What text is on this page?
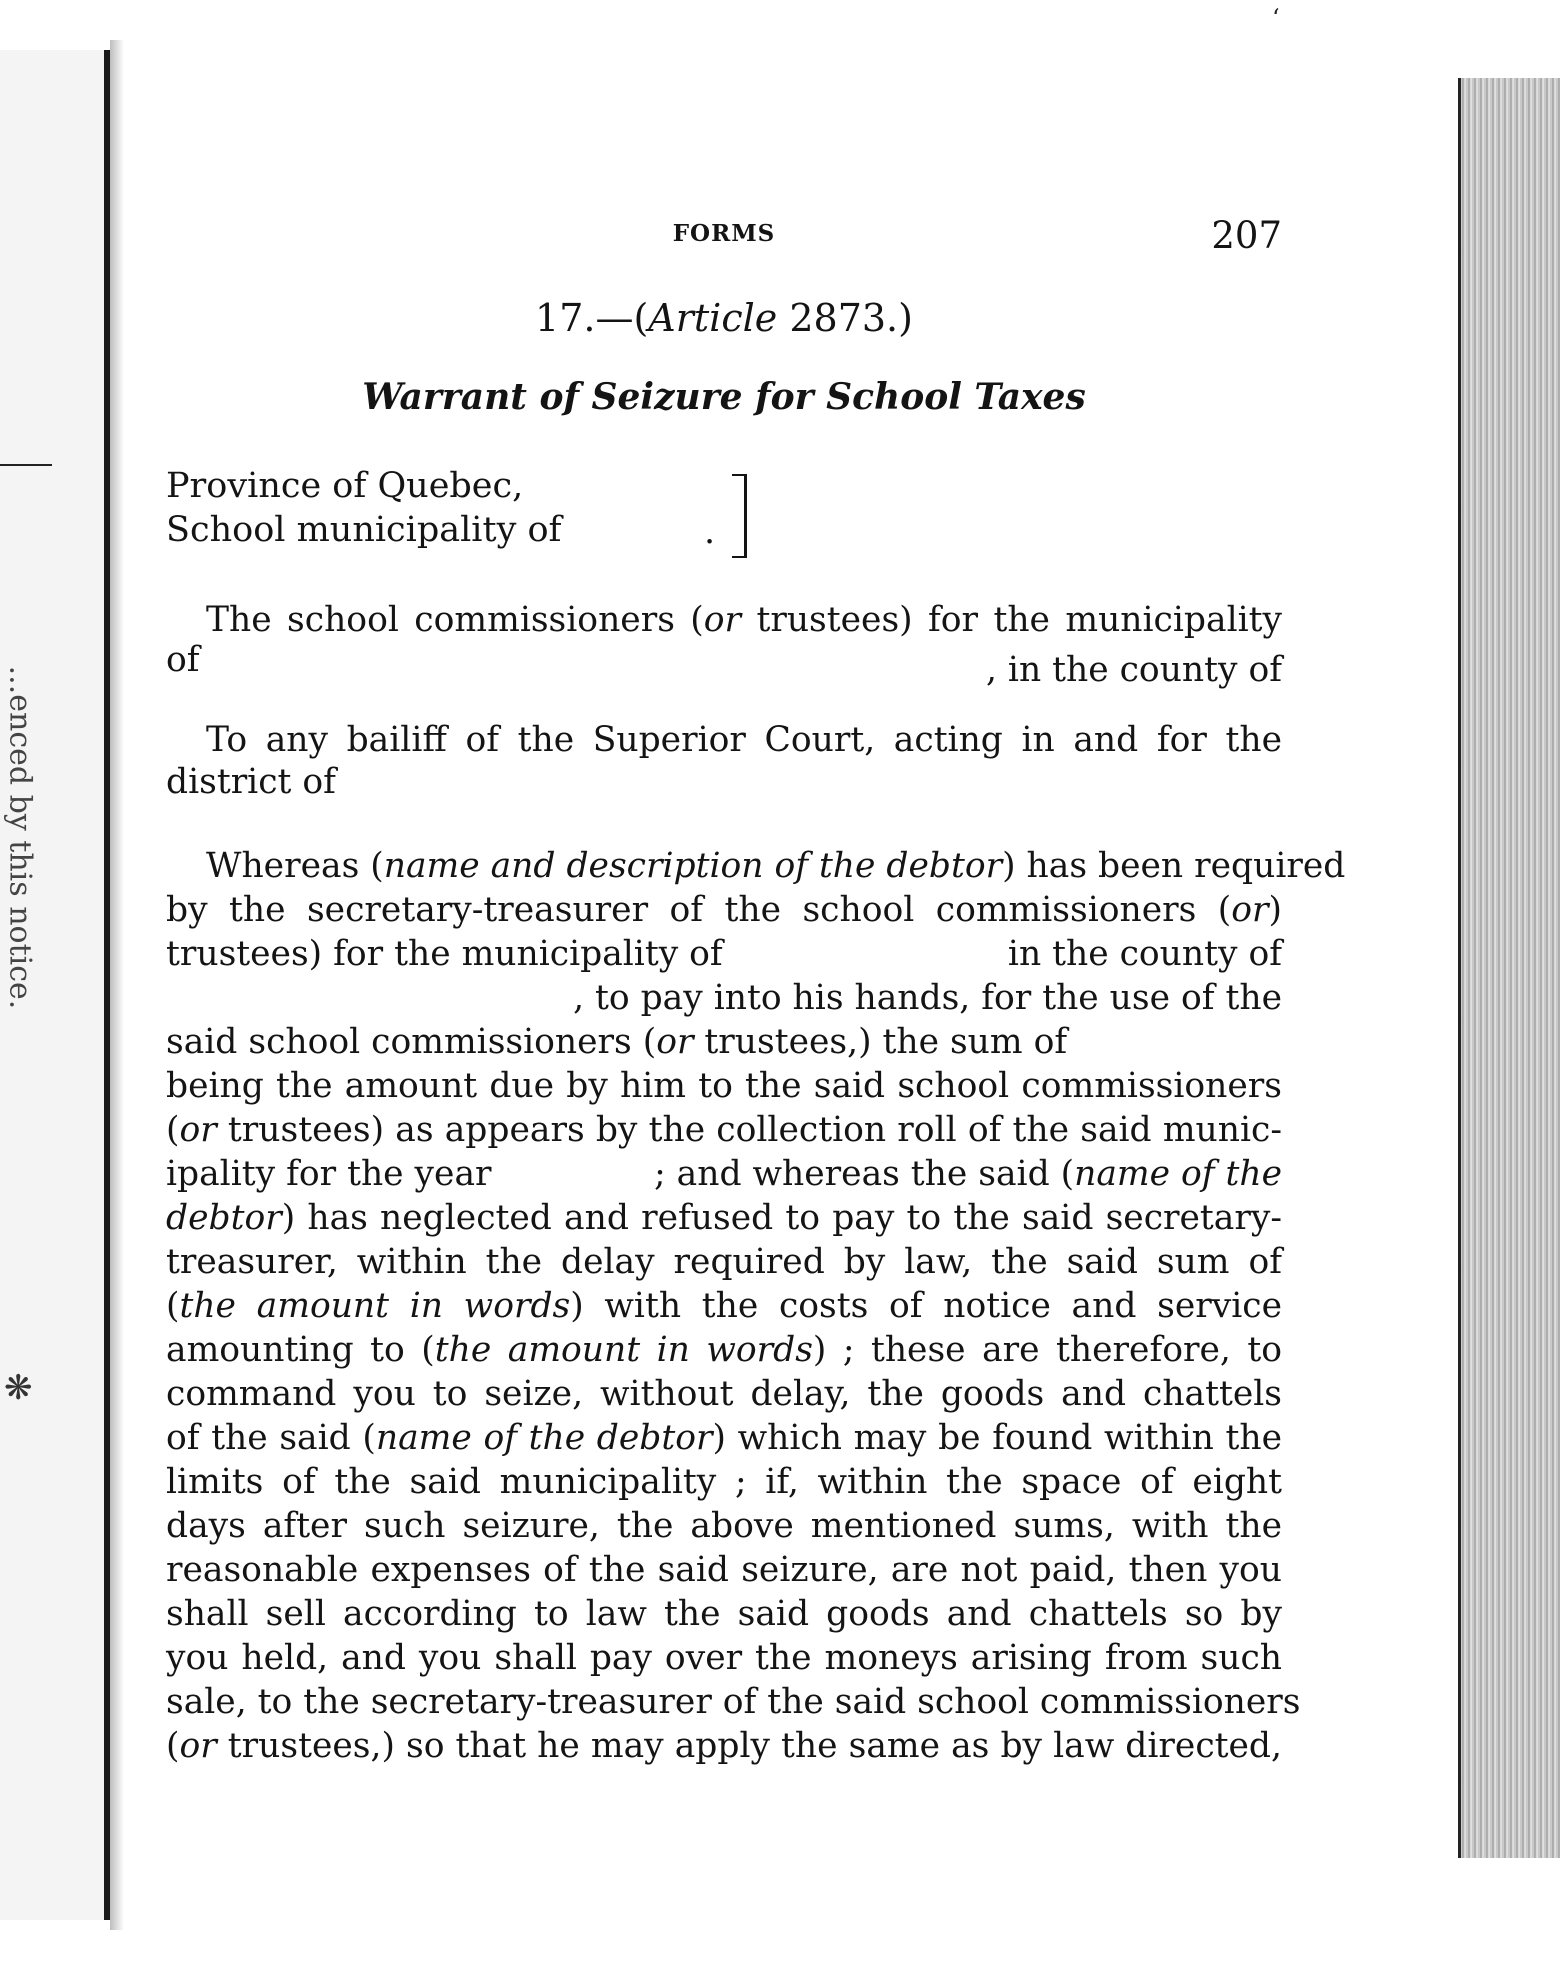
...enced by this notice.
❋
‘
FORMS	207
17.—(Article 2873.)
Warrant of Seizure for School Taxes
Province of Quebec,
School municipality of	.
The school commissioners (or trustees) for the municipality
of	, in the county of
To any bailiff of the Superior Court, acting in and for the
district of
Whereas (name and description of the debtor) has been required
by the secretary-treasurer of the school commissioners (or)
trustees) for the municipality of	in the county of
, to pay into his hands, for the use of the
said school commissioners (or trustees,) the sum of
being the amount due by him to the said school commissioners
(or trustees) as appears by the collection roll of the said munic-
ipality for the year	; and whereas the said (name of the
debtor) has neglected and refused to pay to the said secretary-
treasurer, within the delay required by law, the said sum of
(the amount in words) with the costs of notice and service
amounting to (the amount in words) ; these are therefore, to
command you to seize, without delay, the goods and chattels
of the said (name of the debtor) which may be found within the
limits of the said municipality ; if, within the space of eight
days after such seizure, the above mentioned sums, with the
reasonable expenses of the said seizure, are not paid, then you
shall sell according to law the said goods and chattels so by
you held, and you shall pay over the moneys arising from such
sale, to the secretary-treasurer of the said school commissioners
(or trustees,) so that he may apply the same as by law directed,
